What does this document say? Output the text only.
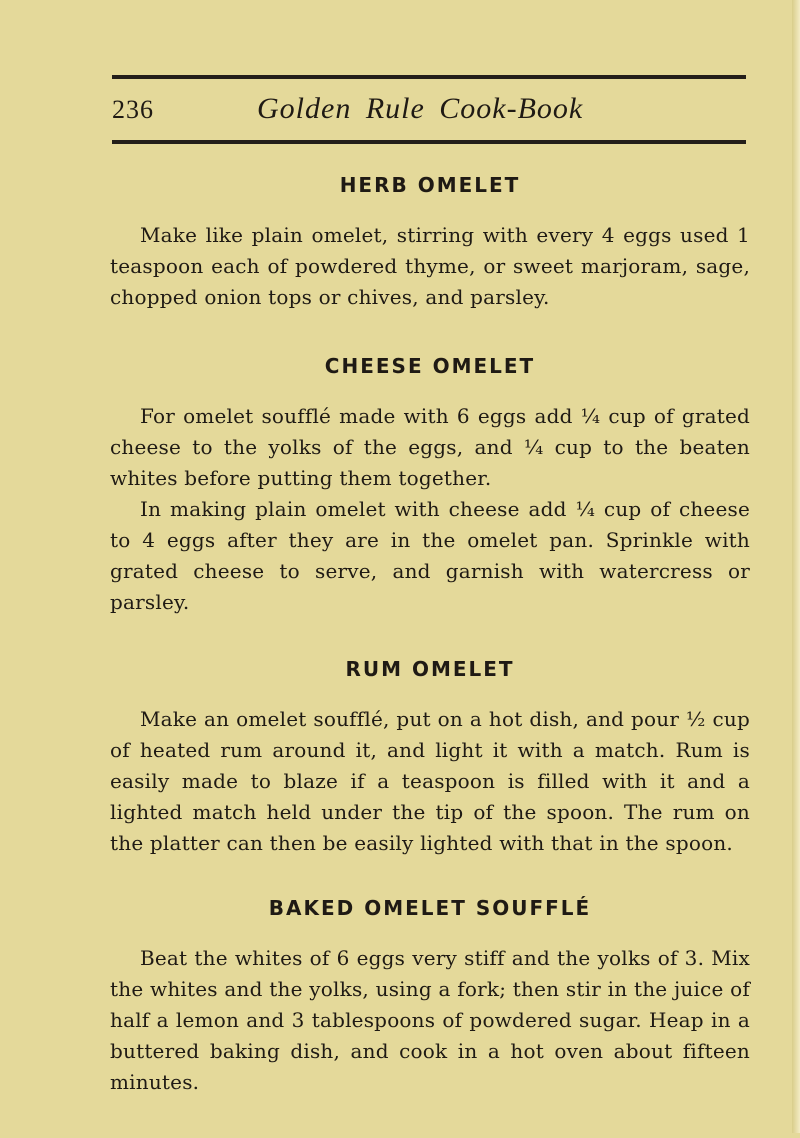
236	Golden Rule Cook-Book
HERB OMELET

Make like plain omelet, stirring with every 4 eggs used 1 teaspoon each of powdered thyme, or sweet marjoram, sage, chopped onion tops or chives, and parsley.

CHEESE OMELET

For omelet soufflé made with 6 eggs add ¼ cup of grated cheese to the yolks of the eggs, and ¼ cup to the beaten whites before putting them together.

In making plain omelet with cheese add ¼ cup of cheese to 4 eggs after they are in the omelet pan. Sprinkle with grated cheese to serve, and garnish with watercress or parsley.

RUM OMELET

Make an omelet soufflé, put on a hot dish, and pour ½ cup of heated rum around it, and light it with a match. Rum is easily made to blaze if a teaspoon is filled with it and a lighted match held under the tip of the spoon. The rum on the platter can then be easily lighted with that in the spoon.

BAKED OMELET SOUFFLÉ

Beat the whites of 6 eggs very stiff and the yolks of 3. Mix the whites and the yolks, using a fork; then stir in the juice of half a lemon and 3 tablespoons of powdered sugar. Heap in a buttered baking dish, and cook in a hot oven about fifteen minutes.
